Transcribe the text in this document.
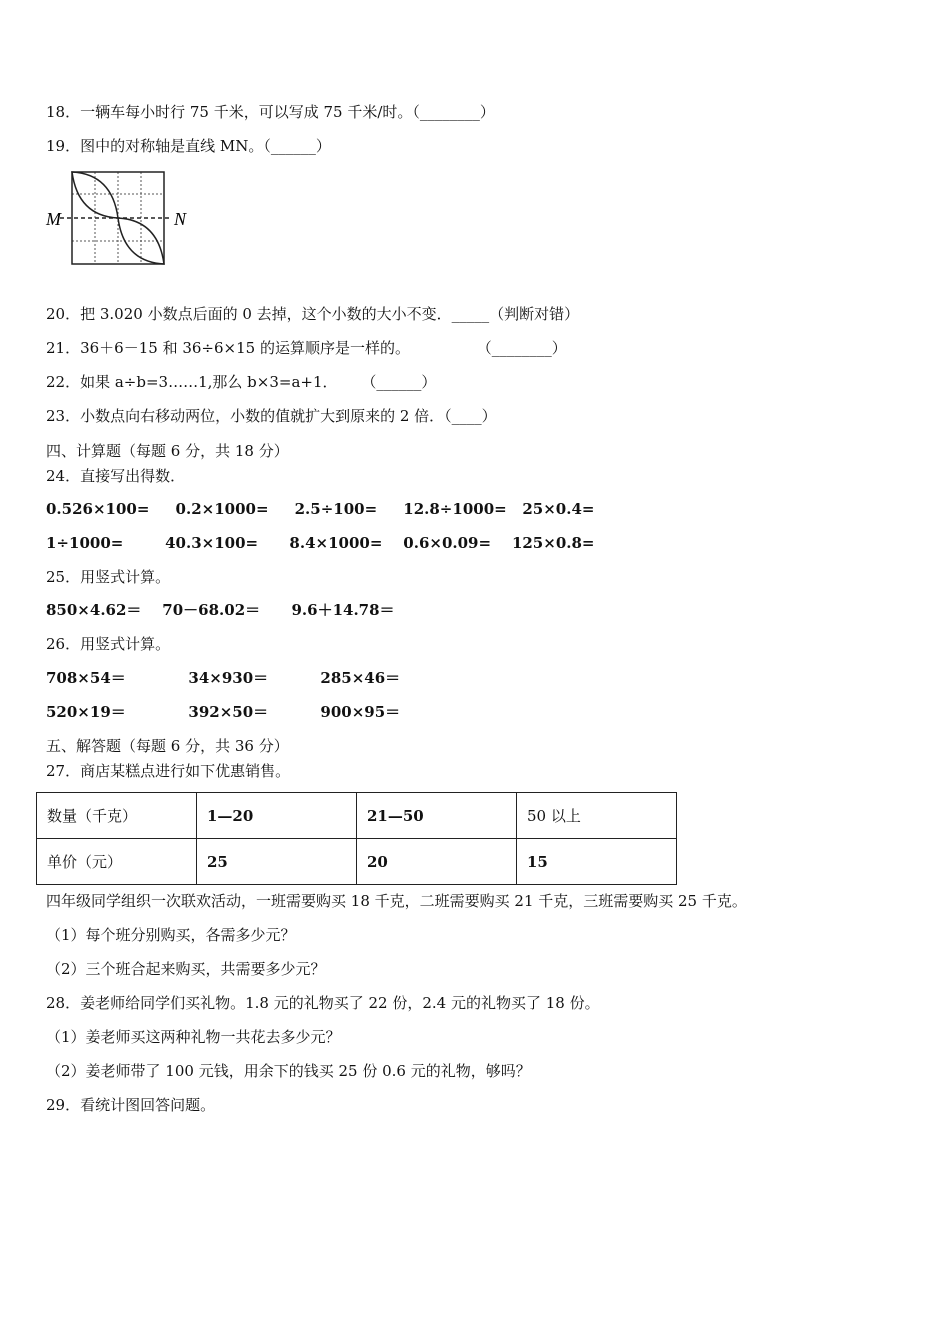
18．一辆车每小时行 75 千米，可以写成 75 千米/时。（________）
19．图中的对称轴是直线 MN。（______）
M	N
20．把 3.020 小数点后面的 0 去掉，这个小数的大小不变．_____（判断对错）
21．36＋6－15 和 36÷6×15 的运算顺序是一样的。              （________）
22．如果 a÷b=3……1,那么 b×3=a+1．     （______）
23．小数点向右移动两位，小数的值就扩大到原来的 2 倍．（____）
四、计算题（每题 6 分，共 18 分）
24．直接写出得数．
0.526×100=     0.2×1000=     2.5÷100=     12.8÷1000=   25×0.4=
1÷1000=        40.3×100=      8.4×1000=    0.6×0.09=    125×0.8=
25．用竖式计算。
850×4.62＝    70－68.02＝      9.6＋14.78＝
26．用竖式计算。
708×54＝            34×930＝          285×46＝
520×19＝            392×50＝          900×95＝
五、解答题（每题 6 分，共 36 分）
27．商店某糕点进行如下优惠销售。
数量（千克）	1—20	21—50	50 以上
单价（元）	25	20	15
四年级同学组织一次联欢活动，一班需要购买 18 千克，二班需要购买 21 千克，三班需要购买 25 千克。
（1）每个班分别购买，各需多少元？
（2）三个班合起来购买，共需要多少元？
28．姜老师给同学们买礼物。1.8 元的礼物买了 22 份，2.4 元的礼物买了 18 份。
（1）姜老师买这两种礼物一共花去多少元？
（2）姜老师带了 100 元钱，用余下的钱买 25 份 0.6 元的礼物，够吗？
29．看统计图回答问题。
